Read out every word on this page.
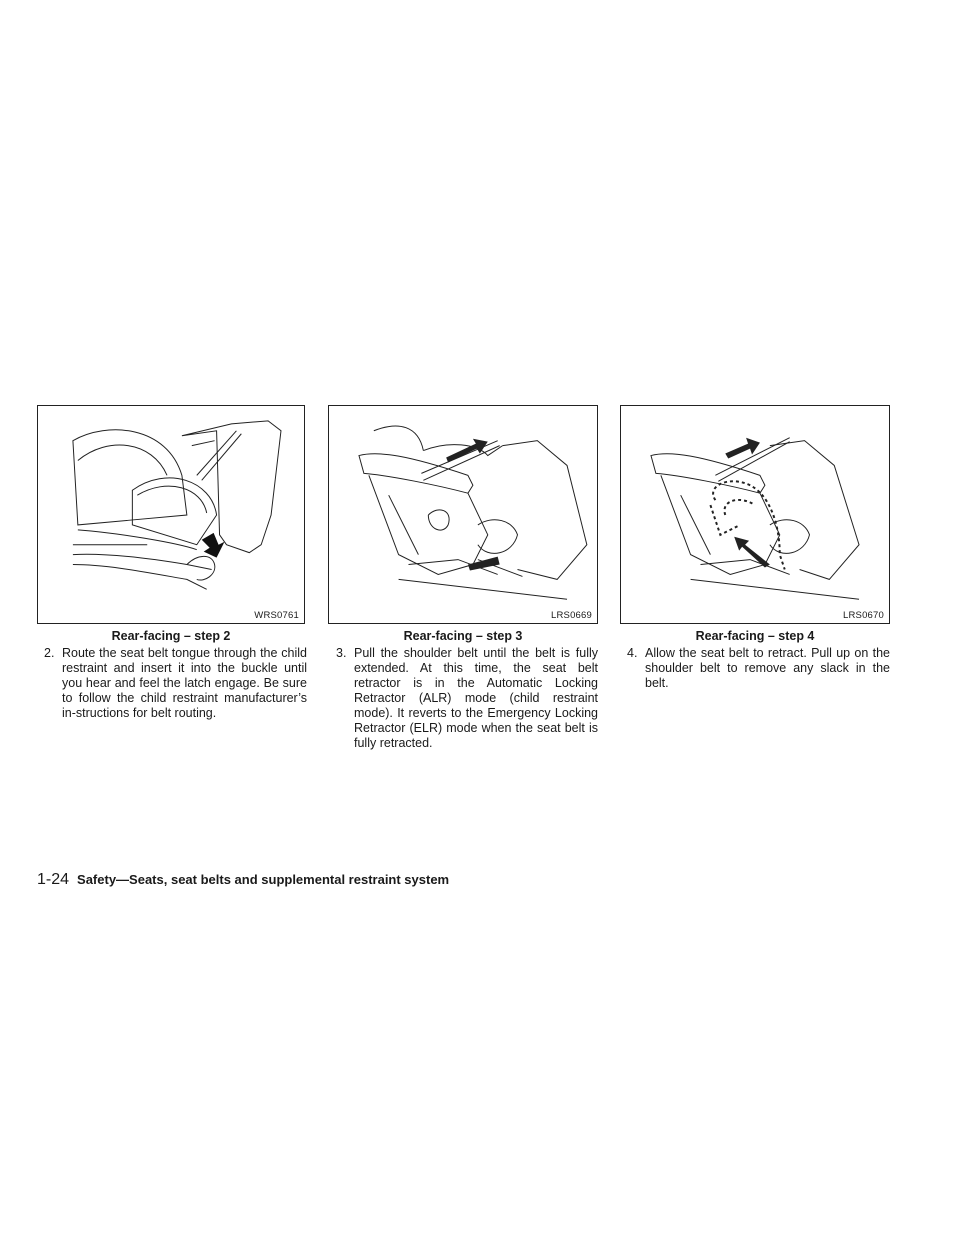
WRS0761	LRS0669	LRS0670
Rear-facing – step 2	Rear-facing – step 3	Rear-facing – step 4
2. Route the seat belt tongue through the child restraint and insert it into the buckle until you hear and feel the latch engage. Be sure to follow the child restraint manufacturer’s in-structions for belt routing.
3. Pull the shoulder belt until the belt is fully extended. At this time, the seat belt retractor is in the Automatic Locking Retractor (ALR) mode (child restraint mode). It reverts to the Emergency Locking Retractor (ELR) mode when the seat belt is fully retracted.
4. Allow the seat belt to retract. Pull up on the shoulder belt to remove any slack in the belt.
1-24 Safety—Seats, seat belts and supplemental restraint system
